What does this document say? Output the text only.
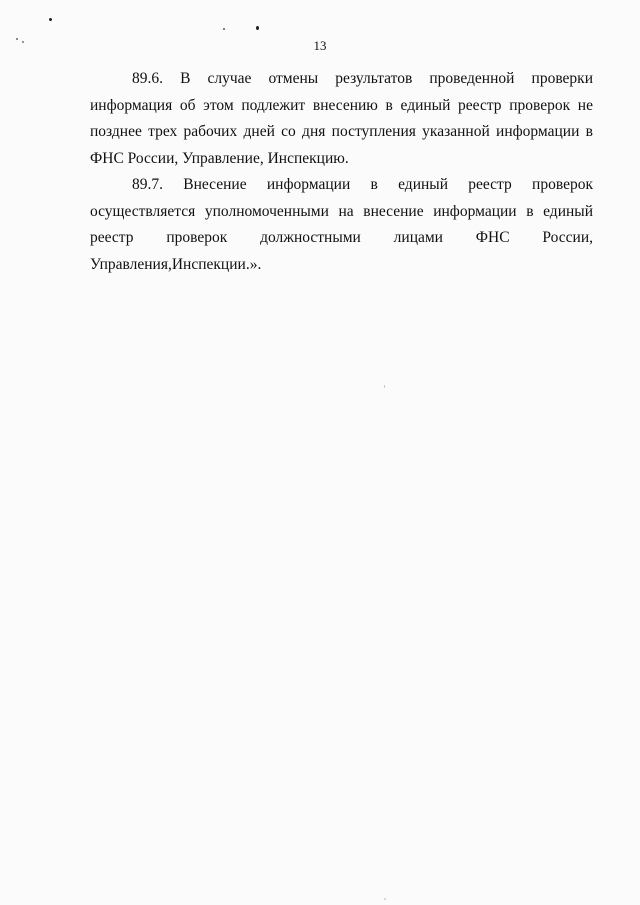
13

89.6. В случае отмены результатов проведенной проверки информация об этом подлежит внесению в единый реестр проверок не позднее трех рабочих дней со дня поступления указанной информации в ФНС России, Управление, Инспекцию.

89.7. Внесение информации в единый реестр проверок осуществляется уполномоченными на внесение информации в единый реестр проверок должностными лицами ФНС России, Управления,Инспекции.».
